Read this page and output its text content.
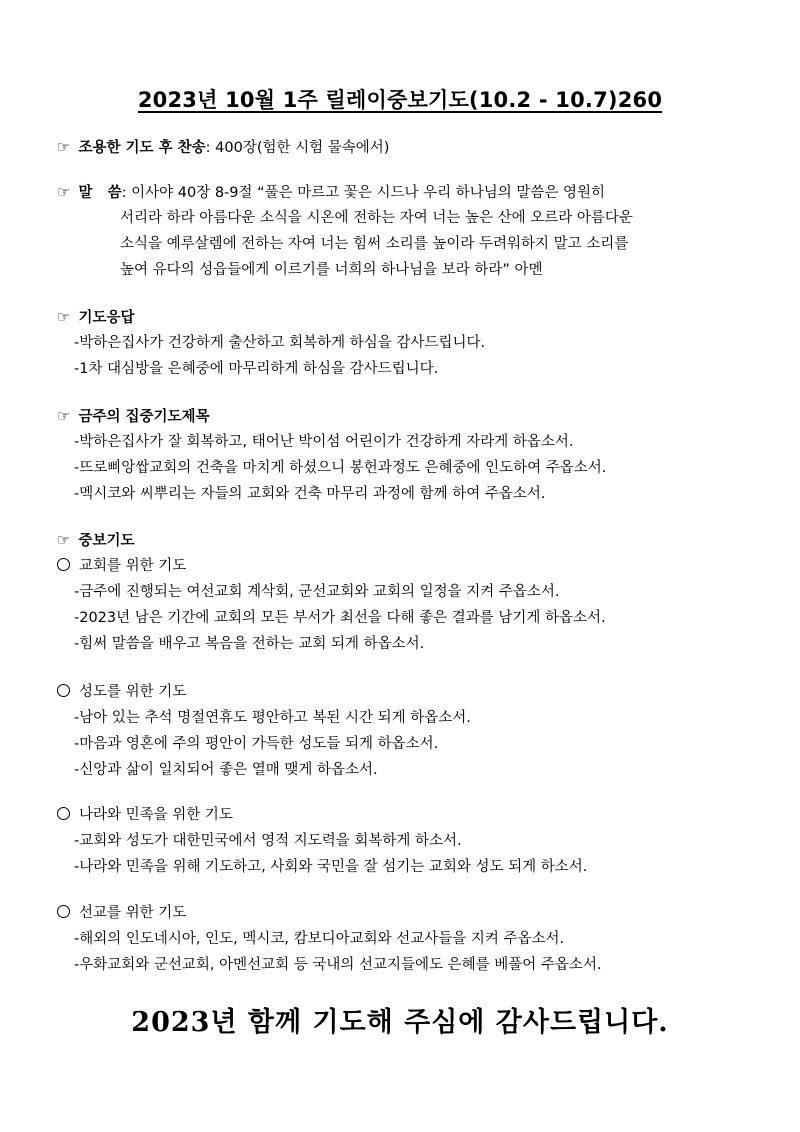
2023년 10월 1주 릴레이중보기도(10.2 - 10.7)260
☞ 조용한 기도 후 찬송: 400장(험한 시험 물속에서)
☞ 말   씀: 이사야 40장 8-9절 “풀은 마르고 꽃은 시드나 우리 하나님의 말씀은 영원히
서리라 하라 아름다운 소식을 시온에 전하는 자여 너는 높은 산에 오르라 아름다운
소식을 예루살렘에 전하는 자여 너는 힘써 소리를 높이라 두려워하지 말고 소리를
높여 유다의 성읍들에게 이르기를 너희의 하나님을 보라 하라” 아멘
☞ 기도응답
-박하은집사가 건강하게 출산하고 회복하게 하심을 감사드립니다.
-1차 대심방을 은혜중에 마무리하게 하심을 감사드립니다.
☞ 금주의 집중기도제목
-박하은집사가 잘 회복하고, 태어난 박이섬 어린이가 건강하게 자라게 하옵소서.
-뜨로삐앙쌉교회의 건축을 마치게 하셨으니 봉헌과정도 은혜중에 인도하여 주옵소서.
-멕시코와 씨뿌리는 자들의 교회와 건축 마무리 과정에 함께 하여 주옵소서.
☞ 중보기도
교회를 위한 기도
-금주에 진행되는 여선교회 계삭회, 군선교회와 교회의 일정을 지켜 주옵소서.
-2023년 남은 기간에 교회의 모든 부서가 최선을 다해 좋은 결과를 남기게 하옵소서.
-힘써 말씀을 배우고 복음을 전하는 교회 되게 하옵소서.
성도를 위한 기도
-남아 있는 추석 명절연휴도 평안하고 복된 시간 되게 하옵소서.
-마음과 영혼에 주의 평안이 가득한 성도들 되게 하옵소서.
-신앙과 삶이 일치되어 좋은 열매 맺게 하옵소서.
나라와 민족을 위한 기도
-교회와 성도가 대한민국에서 영적 지도력을 회복하게 하소서.
-나라와 민족을 위해 기도하고, 사회와 국민을 잘 섬기는 교회와 성도 되게 하소서.
선교를 위한 기도
-해외의 인도네시아, 인도, 멕시코, 캄보디아교회와 선교사들을 지켜 주옵소서.
-우화교회와 군선교회, 아멘선교회 등 국내의 선교지들에도 은혜를 베풀어 주옵소서.
2023년 함께 기도해 주심에 감사드립니다.
